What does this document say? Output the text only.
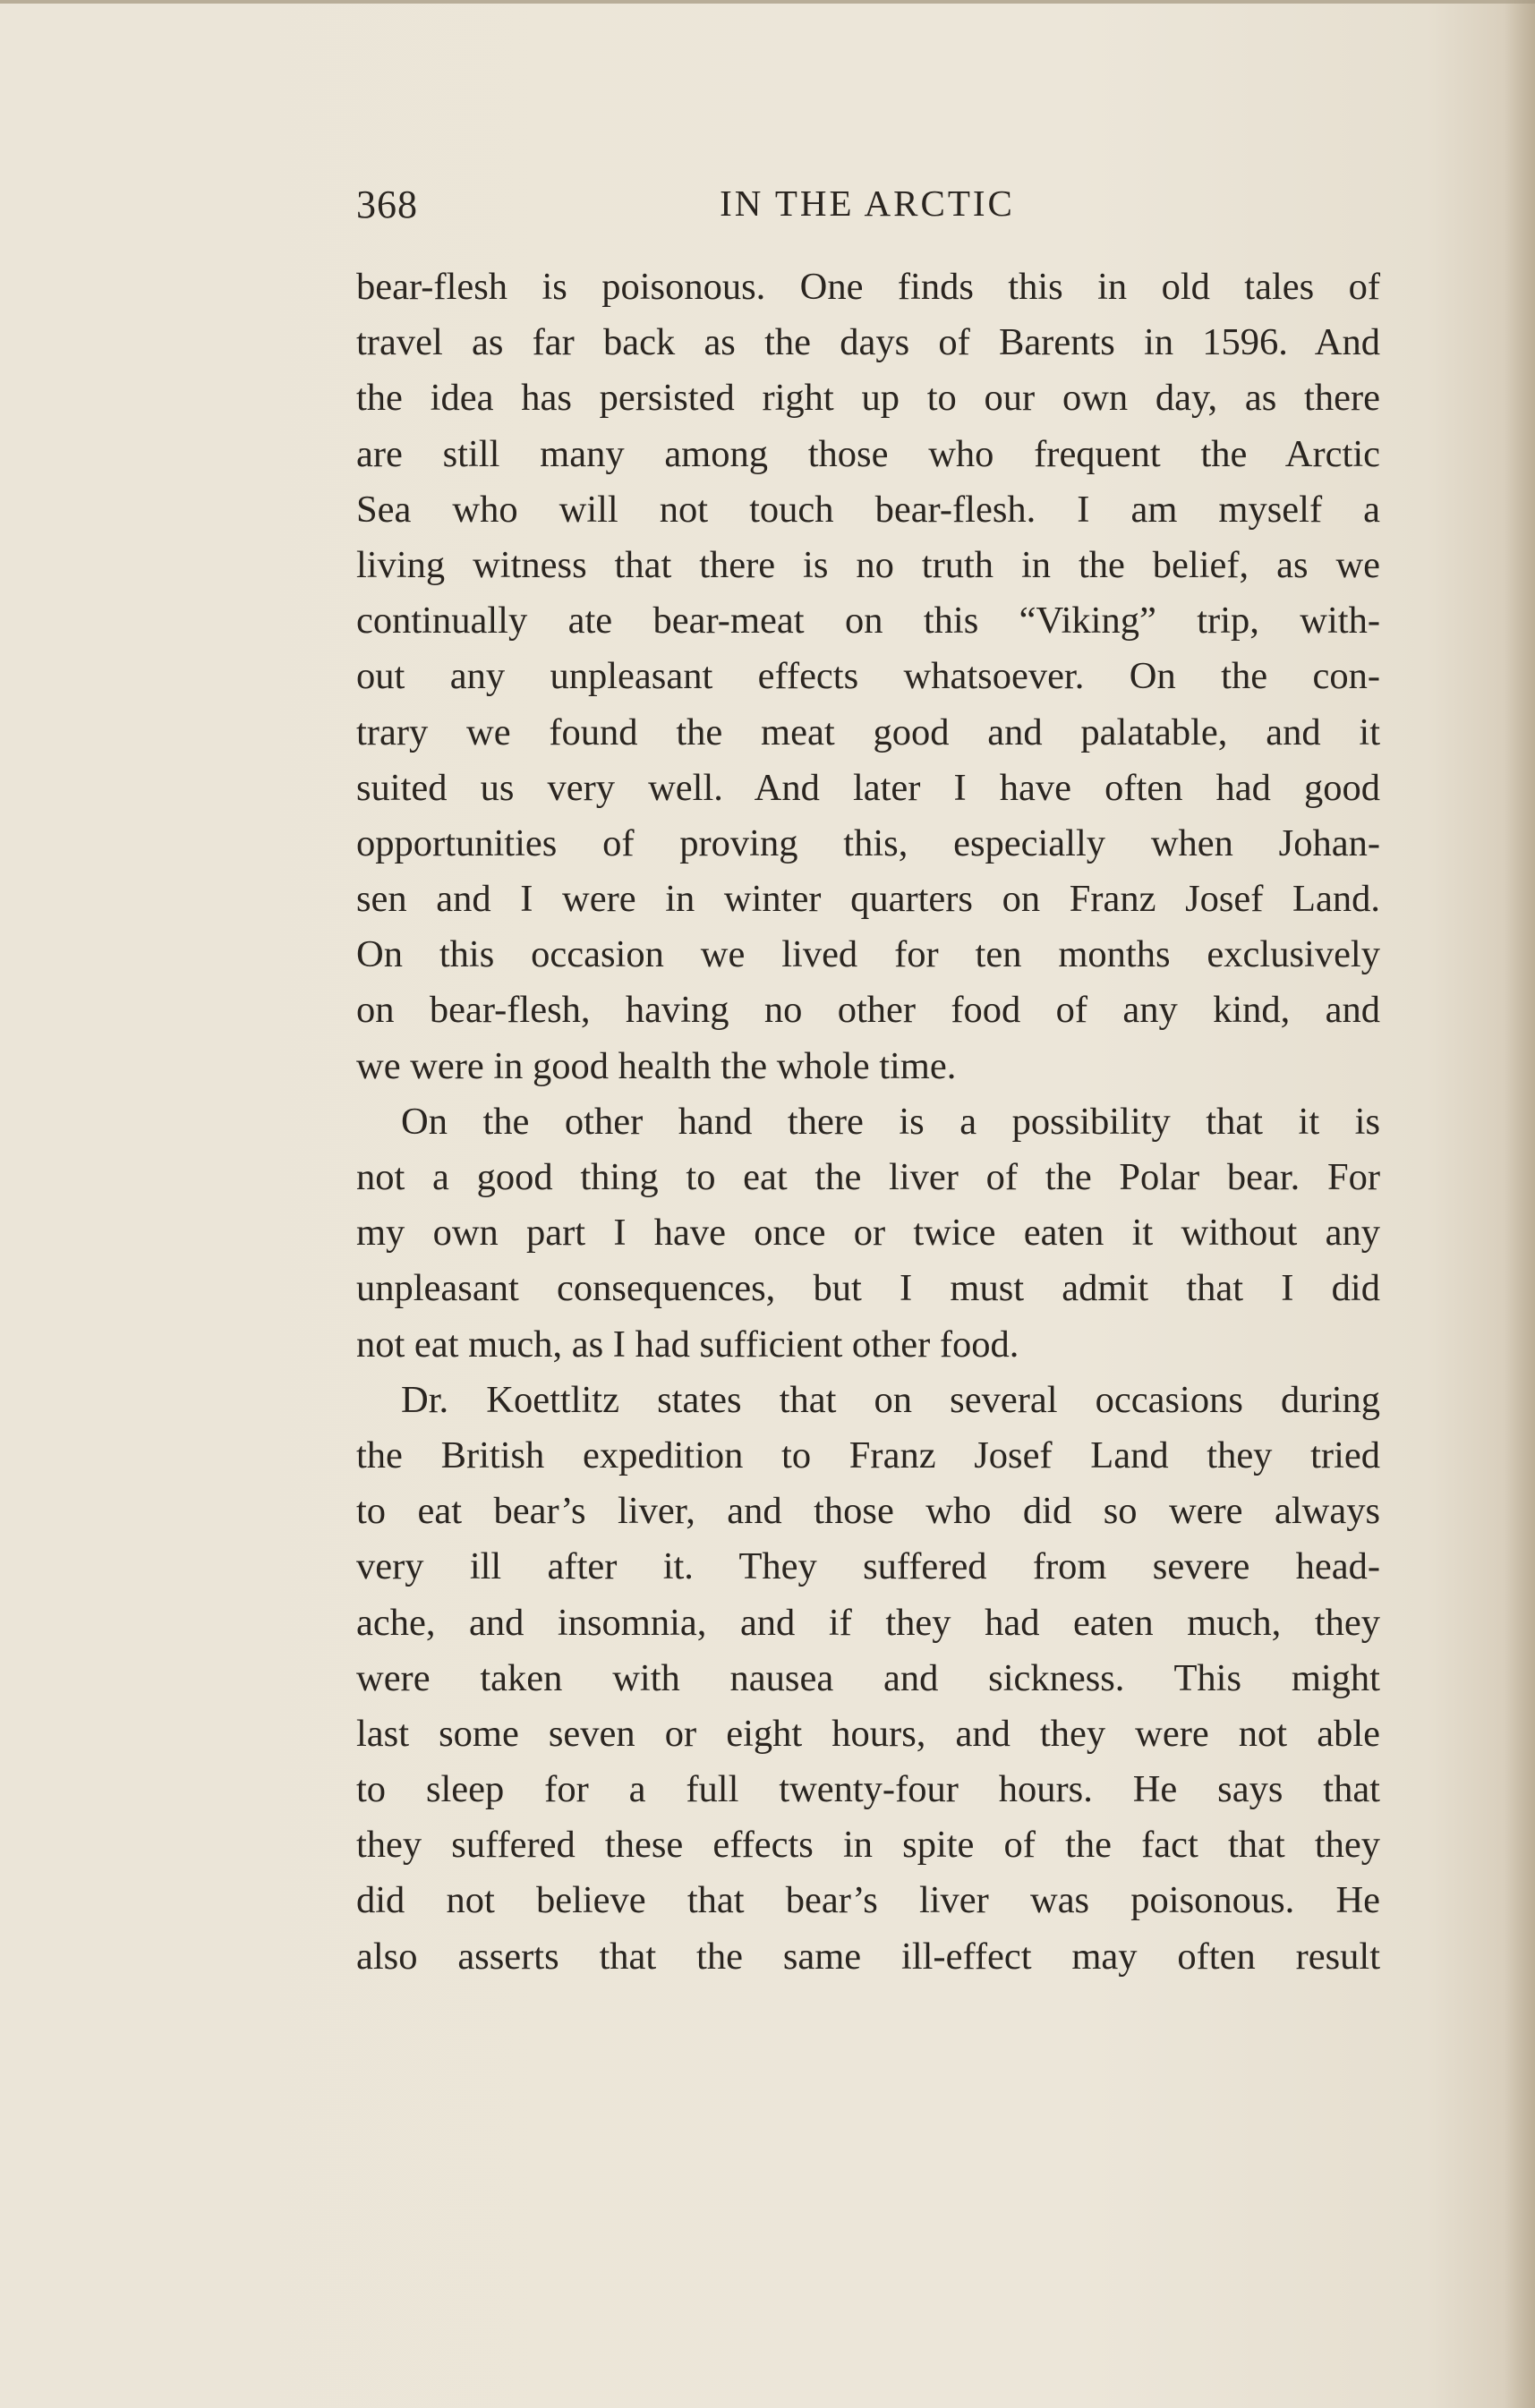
368	IN THE ARCTIC
bear-flesh is poisonous. One finds this in old tales of
travel as far back as the days of Barents in 1596. And
the idea has persisted right up to our own day, as there
are still many among those who frequent the Arctic
Sea who will not touch bear-flesh. I am myself a
living witness that there is no truth in the belief, as we
continually ate bear-meat on this “Viking” trip, with-
out any unpleasant effects whatsoever. On the con-
trary we found the meat good and palatable, and it
suited us very well. And later I have often had good
opportunities of proving this, especially when Johan-
sen and I were in winter quarters on Franz Josef Land.
On this occasion we lived for ten months exclusively
on bear-flesh, having no other food of any kind, and
we were in good health the whole time.
On the other hand there is a possibility that it is
not a good thing to eat the liver of the Polar bear. For
my own part I have once or twice eaten it without any
unpleasant consequences, but I must admit that I did
not eat much, as I had sufficient other food.
Dr. Koettlitz states that on several occasions during
the British expedition to Franz Josef Land they tried
to eat bear’s liver, and those who did so were always
very ill after it. They suffered from severe head-
ache, and insomnia, and if they had eaten much, they
were taken with nausea and sickness. This might
last some seven or eight hours, and they were not able
to sleep for a full twenty-four hours. He says that
they suffered these effects in spite of the fact that they
did not believe that bear’s liver was poisonous. He
also asserts that the same ill-effect may often result
